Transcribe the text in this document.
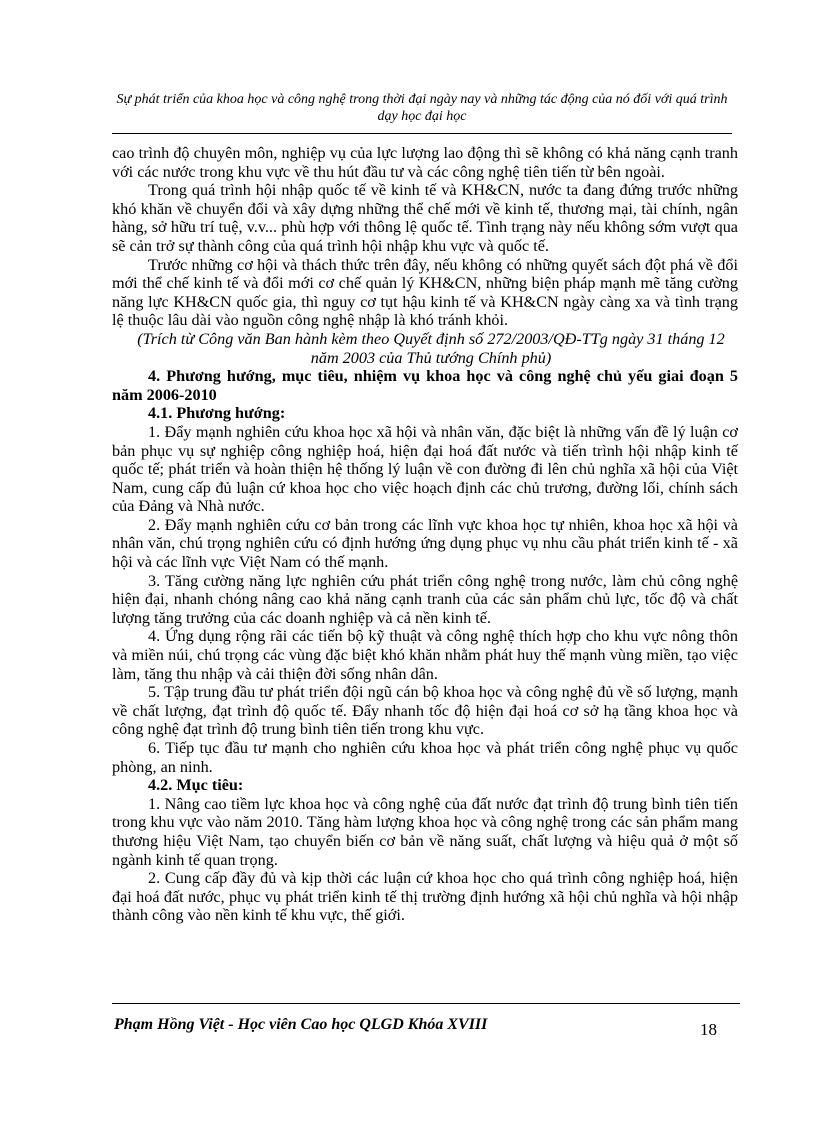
Sự phát triển của khoa học và công nghệ trong thời đại ngày nay và những tác động của nó đối với quá trình dạy học đại học

cao trình độ chuyên môn, nghiệp vụ của lực lượng lao động thì sẽ không có khả năng cạnh tranh với các nước trong khu vực về thu hút đầu tư và các công nghệ tiên tiến từ bên ngoài.

Trong quá trình hội nhập quốc tế về kinh tế và KH&CN, nước ta đang đứng trước những khó khăn về chuyển đổi và xây dựng những thể chế mới về kinh tế, thương mại, tài chính, ngân hàng, sở hữu trí tuệ, v.v... phù hợp với thông lệ quốc tế. Tình trạng này nếu không sớm vượt qua sẽ cản trở sự thành công của quá trình hội nhập khu vực và quốc tế.

Trước những cơ hội và thách thức trên đây, nếu không có những quyết sách đột phá về đổi mới thể chế kinh tế và đổi mới cơ chế quản lý KH&CN, những biện pháp mạnh mẽ tăng cường năng lực KH&CN quốc gia, thì nguy cơ tụt hậu kinh tế và KH&CN ngày càng xa và tình trạng lệ thuộc lâu dài vào nguồn công nghệ nhập là khó tránh khỏi.

(Trích từ Công văn Ban hành kèm theo Quyết định số 272/2003/QĐ-TTg ngày 31 tháng 12 năm 2003 của Thủ tướng Chính phủ)

4. Phương hướng, mục tiêu, nhiệm vụ khoa học và công nghệ chủ yếu giai đoạn 5 năm 2006-2010

4.1. Phương hướng:

1. Đẩy mạnh nghiên cứu khoa học xã hội và nhân văn, đặc biệt là những vấn đề lý luận cơ bản phục vụ sự nghiệp công nghiệp hoá, hiện đại hoá đất nước và tiến trình hội nhập kinh tế quốc tế; phát triển và hoàn thiện hệ thống lý luận về con đường đi lên chủ nghĩa xã hội của Việt Nam, cung cấp đủ luận cứ khoa học cho việc hoạch định các chủ trương, đường lối, chính sách của Đảng và Nhà nước.

2. Đẩy mạnh nghiên cứu cơ bản trong các lĩnh vực khoa học tự nhiên, khoa học xã hội và nhân văn, chú trọng nghiên cứu có định hướng ứng dụng phục vụ nhu cầu phát triển kinh tế - xã hội và các lĩnh vực Việt Nam có thế mạnh.

3. Tăng cường năng lực nghiên cứu phát triển công nghệ trong nước, làm chủ công nghệ hiện đại, nhanh chóng nâng cao khả năng cạnh tranh của các sản phẩm chủ lực, tốc độ và chất lượng tăng trưởng của các doanh nghiệp và cả nền kinh tế.

4. Ứng dụng rộng rãi các tiến bộ kỹ thuật và công nghệ thích hợp cho khu vực nông thôn và miền núi, chú trọng các vùng đặc biệt khó khăn nhằm phát huy thế mạnh vùng miền, tạo việc làm, tăng thu nhập và cải thiện đời sống nhân dân.

5. Tập trung đầu tư phát triển đội ngũ cán bộ khoa học và công nghệ đủ về số lượng, mạnh về chất lượng, đạt trình độ quốc tế. Đẩy nhanh tốc độ hiện đại hoá cơ sở hạ tầng khoa học và công nghệ đạt trình độ trung bình tiên tiến trong khu vực.

6. Tiếp tục đầu tư mạnh cho nghiên cứu khoa học và phát triển công nghệ phục vụ quốc phòng, an ninh.

4.2. Mục tiêu:

1. Nâng cao tiềm lực khoa học và công nghệ của đất nước đạt trình độ trung bình tiên tiến trong khu vực vào năm 2010. Tăng hàm lượng khoa học và công nghệ trong các sản phẩm mang thương hiệu Việt Nam, tạo chuyển biến cơ bản về năng suất, chất lượng và hiệu quả ở một số ngành kinh tế quan trọng.

2. Cung cấp đầy đủ và kịp thời các luận cứ khoa học cho quá trình công nghiệp hoá, hiện đại hoá đất nước, phục vụ phát triển kinh tế thị trường định hướng xã hội chủ nghĩa và hội nhập thành công vào nền kinh tế khu vực, thế giới.

Phạm Hồng Việt - Học viên Cao học QLGD Khóa XVIII	18
